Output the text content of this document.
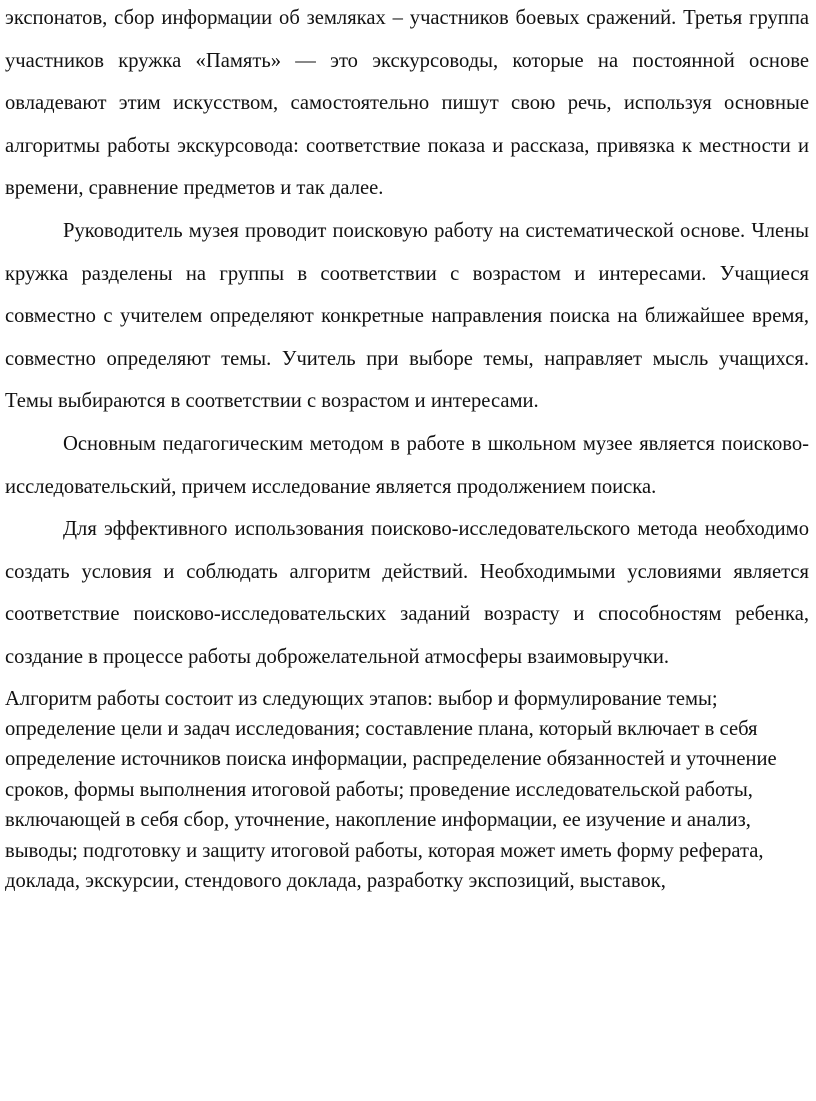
экспонатов, сбор информации об земляках – участников боевых сражений. Третья группа участников кружка «Память» — это экскурсоводы, которые на постоянной основе овладевают этим искусством, самостоятельно пишут свою речь, используя основные алгоритмы работы экскурсовода: соответствие показа и рассказа, привязка к местности и времени, сравнение предметов и так далее.

Руководитель музея проводит поисковую работу на систематической основе. Члены кружка разделены на группы в соответствии с возрастом и интересами. Учащиеся совместно с учителем определяют конкретные направления поиска на ближайшее время, совместно определяют темы. Учитель при выборе темы, направляет мысль учащихся. Темы выбираются в соответствии с возрастом и интересами.

Основным педагогическим методом в работе в школьном музее является поисково-исследовательский, причем исследование является продолжением поиска.

Для эффективного использования поисково-исследовательского метода необходимо создать условия и соблюдать алгоритм действий. Необходимыми условиями является соответствие поисково-исследовательских заданий возрасту и способностям ребенка, создание в процессе работы доброжелательной атмосферы взаимовыручки.

Алгоритм работы состоит из следующих этапов: выбор и формулирование темы; определение цели и задач исследования; составление плана, который включает в себя определение источников поиска информации, распределение обязанностей и уточнение сроков, формы выполнения итоговой работы; проведение исследовательской работы, включающей в себя сбор, уточнение, накопление информации, ее изучение и анализ, выводы; подготовку и защиту итоговой работы, которая может иметь форму реферата, доклада, экскурсии, стендового доклада, разработку экспозиций, выставок,
